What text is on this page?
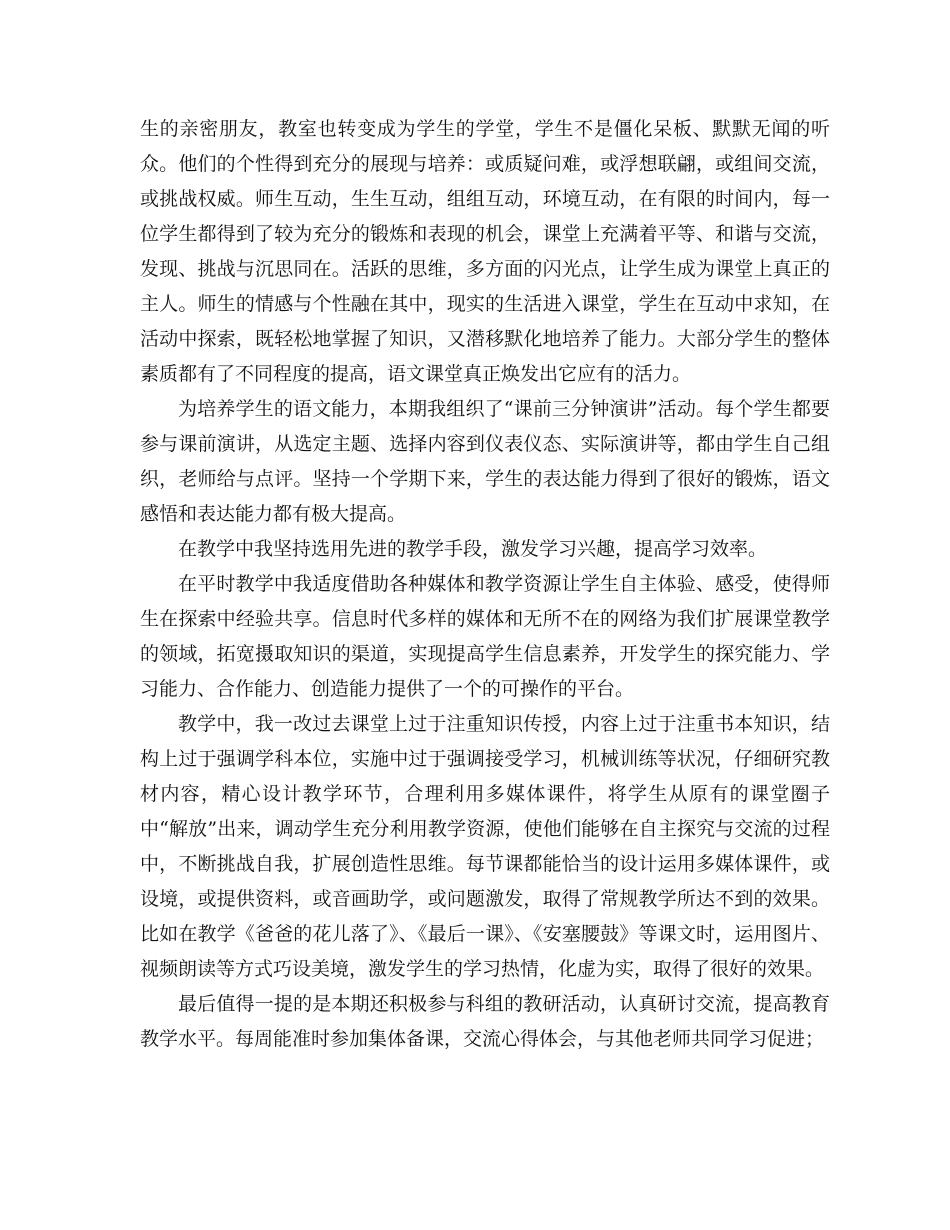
生的亲密朋友，教室也转变成为学生的学堂，学生不是僵化呆板、默默无闻的听众。他们的个性得到充分的展现与培养：或质疑问难，或浮想联翩，或组间交流，或挑战权威。师生互动，生生互动，组组互动，环境互动，在有限的时间内，每一位学生都得到了较为充分的锻炼和表现的机会，课堂上充满着平等、和谐与交流，发现、挑战与沉思同在。活跃的思维，多方面的闪光点，让学生成为课堂上真正的主人。师生的情感与个性融在其中，现实的生活进入课堂，学生在互动中求知，在活动中探索，既轻松地掌握了知识，又潜移默化地培养了能力。大部分学生的整体素质都有了不同程度的提高，语文课堂真正焕发出它应有的活力。

为培养学生的语文能力，本期我组织了“课前三分钟演讲”活动。每个学生都要参与课前演讲，从选定主题、选择内容到仪表仪态、实际演讲等，都由学生自己组织，老师给与点评。坚持一个学期下来，学生的表达能力得到了很好的锻炼，语文感悟和表达能力都有极大提高。

在教学中我坚持选用先进的教学手段，激发学习兴趣，提高学习效率。

在平时教学中我适度借助各种媒体和教学资源让学生自主体验、感受，使得师生在探索中经验共享。信息时代多样的媒体和无所不在的网络为我们扩展课堂教学的领域，拓宽摄取知识的渠道，实现提高学生信息素养，开发学生的探究能力、学习能力、合作能力、创造能力提供了一个的可操作的平台。

教学中，我一改过去课堂上过于注重知识传授，内容上过于注重书本知识，结构上过于强调学科本位，实施中过于强调接受学习，机械训练等状况，仔细研究教材内容，精心设计教学环节，合理利用多媒体课件，将学生从原有的课堂圈子中“解放”出来，调动学生充分利用教学资源，使他们能够在自主探究与交流的过程中，不断挑战自我，扩展创造性思维。每节课都能恰当的设计运用多媒体课件，或设境，或提供资料，或音画助学，或问题激发，取得了常规教学所达不到的效果。比如在教学《爸爸的花儿落了》、《最后一课》、《安塞腰鼓》等课文时，运用图片、视频朗读等方式巧设美境，激发学生的学习热情，化虚为实，取得了很好的效果。

最后值得一提的是本期还积极参与科组的教研活动，认真研讨交流，提高教育教学水平。每周能准时参加集体备课，交流心得体会，与其他老师共同学习促进；
